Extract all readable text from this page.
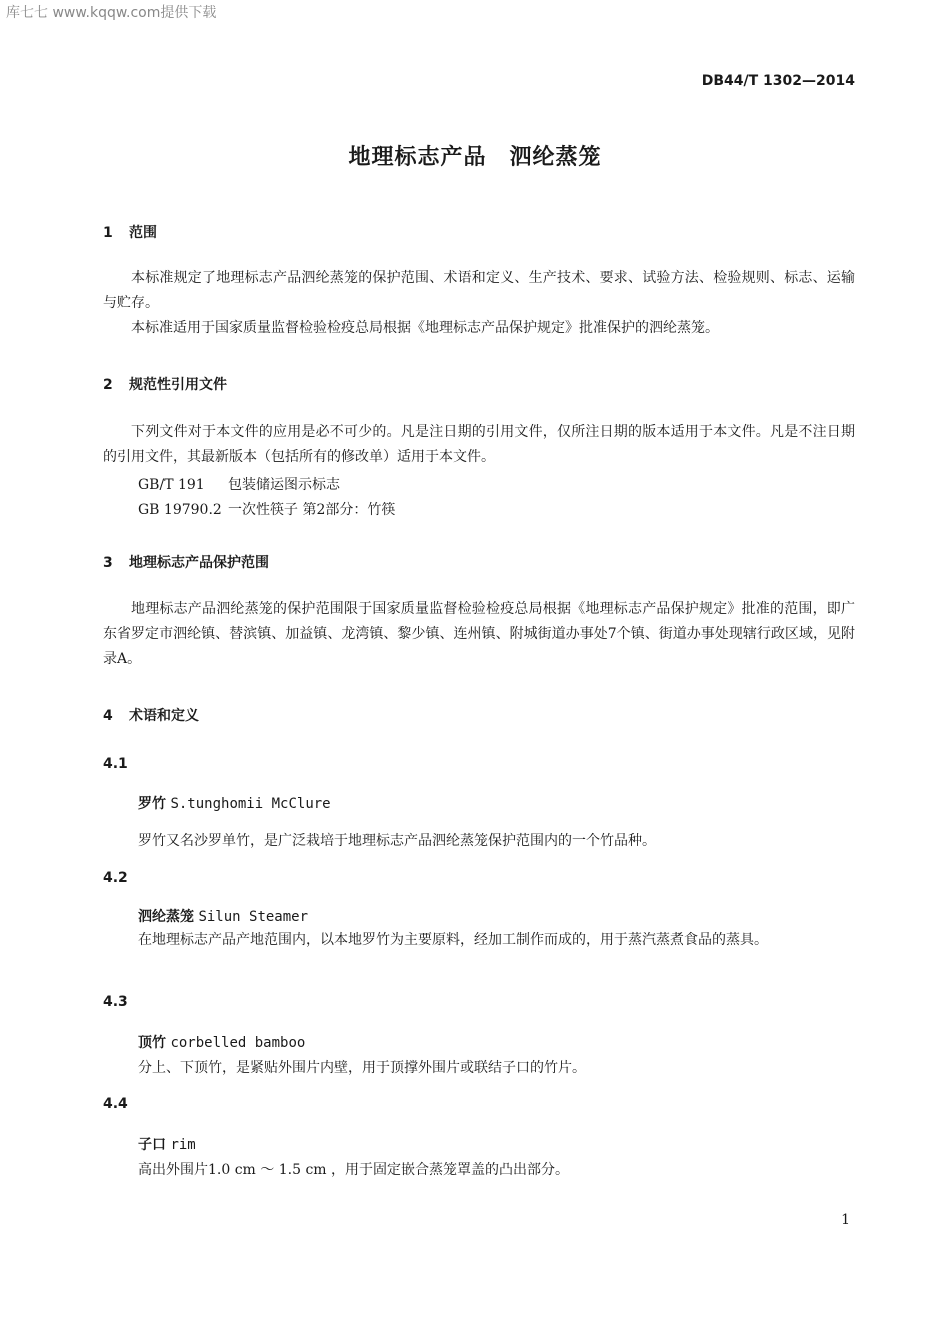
库七七 www.kqqw.com提供下载
DB44/T 1302—2014
地理标志产品　泗纶蒸笼
1 范围
本标准规定了地理标志产品泗纶蒸笼的保护范围、术语和定义、生产技术、要求、试验方法、检验规则、标志、运输与贮存。
本标准适用于国家质量监督检验检疫总局根据《地理标志产品保护规定》批准保护的泗纶蒸笼。
2 规范性引用文件
下列文件对于本文件的应用是必不可少的。凡是注日期的引用文件，仅所注日期的版本适用于本文件。凡是不注日期的引用文件，其最新版本（包括所有的修改单）适用于本文件。
GB/T 191 包装储运图示标志
GB 19790.2 一次性筷子 第2部分：竹筷
3 地理标志产品保护范围
地理标志产品泗纶蒸笼的保护范围限于国家质量监督检验检疫总局根据《地理标志产品保护规定》批准的范围，即广东省罗定市泗纶镇、替滨镇、加益镇、龙湾镇、黎少镇、连州镇、附城街道办事处7个镇、街道办事处现辖行政区域，见附录A。
4 术语和定义
4.1
罗竹 S.tunghomii McClure
罗竹又名沙罗单竹，是广泛栽培于地理标志产品泗纶蒸笼保护范围内的一个竹品种。
4.2
泗纶蒸笼 Silun Steamer
在地理标志产品产地范围内，以本地罗竹为主要原料，经加工制作而成的，用于蒸汽蒸煮食品的蒸具。
4.3
顶竹 corbelled bamboo
分上、下顶竹，是紧贴外围片内壁，用于顶撑外围片或联结子口的竹片。
4.4
子口 rim
高出外围片1.0 cm ～ 1.5 cm ，用于固定嵌合蒸笼罩盖的凸出部分。
1
